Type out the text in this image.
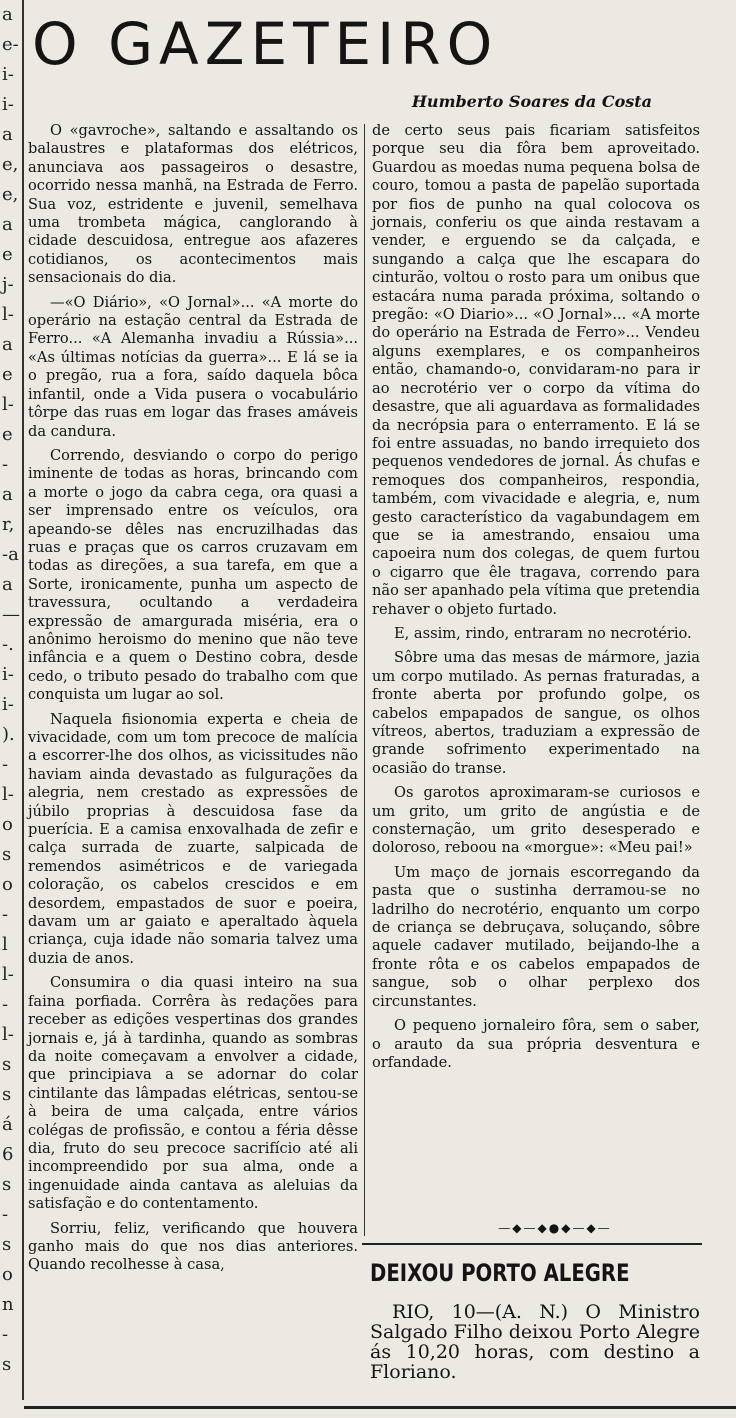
a
e-
i-
i-
a
e,
e,
a
e
j-
l-
a
e
l-
e
-
a
r,
-a
a
—
-.
i-
i-
).
-
l-
o
s
o
-
l
l-
-
l-
s
s
á
6
s
-
s
o
n
-
s
O GAZETEIRO
Humberto Soares da Costa

O «gavroche», saltando e assaltando os balaustres e plataformas dos elétricos, anunciava aos passageiros o desastre, ocorrido nessa manhã, na Estrada de Ferro. Sua voz, estridente e juvenil, semelhava uma trombeta mágica, canglorando à cidade descuidosa, entregue aos afazeres cotidianos, os acontecimentos mais sensacionais do dia.

—«O Diário», «O Jornal»... «A morte do operário na estação central da Estrada de Ferro... «A Alemanha invadiu a Rússia»... «As últimas notícias da guerra»... E lá se ia o pregão, rua a fora, saído daquela bôca infantil, onde a Vida pusera o vocabulário tôrpe das ruas em logar das frases amáveis da candura.

Correndo, desviando o corpo do perigo iminente de todas as horas, brincando com a morte o jogo da cabra cega, ora quasi a ser imprensado entre os veículos, ora apeando-se dêles nas encruzilhadas das ruas e praças que os carros cruzavam em todas as direções, a sua tarefa, em que a Sorte, ironicamente, punha um aspecto de travessura, ocultando a verdadeira expressão de amargurada miséria, era o anônimo heroismo do menino que não teve infância e a quem o Destino cobra, desde cedo, o tributo pesado do trabalho com que conquista um lugar ao sol.

Naquela fisionomia experta e cheia de vivacidade, com um tom precoce de malícia a escorrer-lhe dos olhos, as vicissitudes não haviam ainda devastado as fulgurações da alegria, nem crestado as expressões de júbilo proprias à descuidosa fase da puerícia. E a camisa enxovalhada de zefir e calça surrada de zuarte, salpicada de remendos asimétricos e de variegada coloração, os cabelos crescidos e em desordem, empastados de suor e poeira, davam um ar gaiato e aperaltado àquela criança, cuja idade não somaria talvez uma duzia de anos.

Consumira o dia quasi inteiro na sua faina porfiada. Corrêra às redações para receber as edições vespertinas dos grandes jornais e, já à tardinha, quando as sombras da noite começavam a envolver a cidade, que principiava a se adornar do colar cintilante das lâmpadas elétricas, sentou-se à beira de uma calçada, entre vários colégas de profissão, e contou a féria dêsse dia, fruto do seu precoce sacrifício até ali incompreendido por sua alma, onde a ingenuidade ainda cantava as aleluias da satisfação e do contentamento.

Sorriu, feliz, verificando que houvera ganho mais do que nos dias anteriores. Quando recolhesse à casa,

de certo seus pais ficariam satisfeitos porque seu dia fôra bem aproveitado. Guardou as moedas numa pequena bolsa de couro, tomou a pasta de papelão suportada por fios de punho na qual colocova os jornais, conferiu os que ainda restavam a vender, e erguendo se da calçada, e sungando a calça que lhe escapara do cinturão, voltou o rosto para um onibus que estacára numa parada próxima, soltando o pregão: «O Diario»... «O Jornal»... «A morte do operário na Estrada de Ferro»... Vendeu alguns exemplares, e os companheiros então, chamando-o, convidaram-no para ir ao necrotério ver o corpo da vítima do desastre, que ali aguardava as formalidades da necrópsia para o enterramento. E lá se foi entre assuadas, no bando irrequieto dos pequenos vendedores de jornal. Ás chufas e remoques dos companheiros, respondia, também, com vivacidade e alegria, e, num gesto característico da vagabundagem em que se ia amestrando, ensaiou uma capoeira num dos colegas, de quem furtou o cigarro que êle tragava, correndo para não ser apanhado pela vítima que pretendia rehaver o objeto furtado.

E, assim, rindo, entraram no necrotério.

Sôbre uma das mesas de mármore, jazia um corpo mutilado. As pernas fraturadas, a fronte aberta por profundo golpe, os cabelos empapados de sangue, os olhos vítreos, abertos, traduziam a expressão de grande sofrimento experimentado na ocasião do transe.

Os garotos aproximaram-se curiosos e um grito, um grito de angústia e de consternação, um grito desesperado e doloroso, reboou na «morgue»: «Meu pai!»

Um maço de jornais escorregando da pasta que o sustinha derramou-se no ladrilho do necrotério, enquanto um corpo de criança se debruçava, soluçando, sôbre aquele cadaver mutilado, beijando-lhe a fronte rôta e os cabelos empapados de sangue, sob o olhar perplexo dos circunstantes.

O pequeno jornaleiro fôra, sem o saber, o arauto da sua própria desventura e orfandade.

—◆—◆●◆—◆—
DEIXOU PORTO ALEGRE

RIO, 10—(A. N.) O Ministro Salgado Filho deixou Porto Alegre ás 10,20 horas, com destino a Floriano.
